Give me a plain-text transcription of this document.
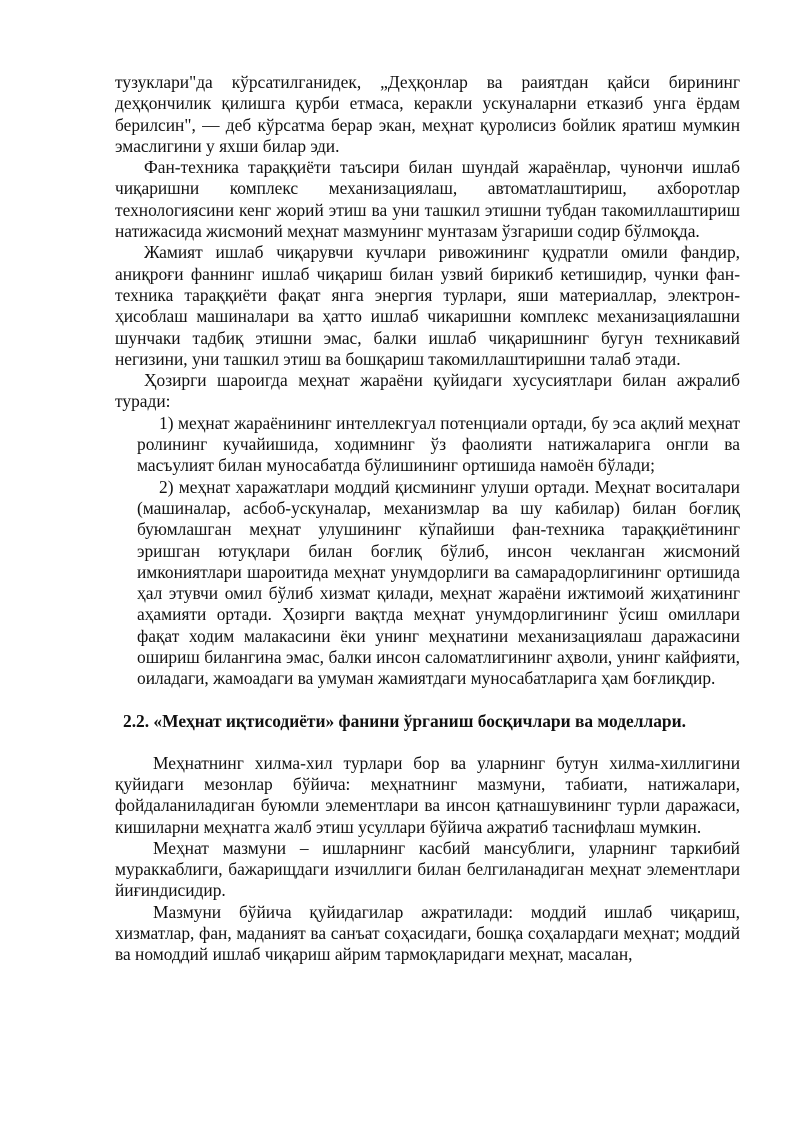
тузуклари"да кўрсатилганидек, „Деҳқонлар ва раиятдан қайси бирининг деҳқончилик қилишга қурби етмаса, керакли ускуналарни етказиб унга ёрдам берилсин", — деб кўрсатма берар экан, меҳнат қуролисиз бойлик яратиш мумкин эмаслигини у яхши билар эди.

Фан-техника тараққиёти таъсири билан шундай жараёнлар, чунончи ишлаб чиқаришни комплекс механизациялаш, автоматлаштириш, ахборотлар технологиясини кенг жорий этиш ва уни ташкил этишни тубдан такомиллаштириш натижасида жисмоний меҳнат мазмунинг мунтазам ўзгариши содир бўлмоқда.

Жамият ишлаб чиқарувчи кучлари ривожининг қудратли омили фандир, аниқроғи фаннинг ишлаб чиқариш билан узвий бирикиб кетишидир, чунки фан-техника тараққиёти фақат янга энергия турлари, яши материаллар, электрон-ҳисоблаш машиналари ва ҳатто ишлаб чикаришни комплекс механизациялашни шунчаки тадбиқ этишни эмас, балки ишлаб чиқаришнинг бугун техникавий негизини, уни ташкил этиш ва бошқариш такомиллаштиришни талаб этади.

Ҳозирги шароигда меҳнат жараёни қуйидаги хусусиятлари билан ажралиб туради:

1) меҳнат жараёнининг интеллекгуал потенциали ортади, бу эса ақлий меҳнат ролининг кучайишида, ходимнинг ўз фаолияти натижаларига онгли ва масъулият билан муносабатда бўлишининг ортишида намоён бўлади;

2) меҳнат харажатлари моддий қисмининг улуши ортади. Меҳнат воситалари (машиналар, асбоб-ускуналар, механизмлар ва шу кабилар) билан боғлиқ буюмлашган меҳнат улушининг кўпайиши фан-техника тараққиётининг эришган ютуқлари билан боғлиқ бўлиб, инсон чекланган жисмоний имкониятлари шароитида меҳнат унумдорлиги ва самарадорлигининг ортишида ҳал этувчи омил бўлиб хизмат қилади, меҳнат жараёни ижтимоий жиҳатининг аҳамияти ортади. Ҳозирги вақтда меҳнат унумдорлигининг ўсиш омиллари фақат ходим малакасини ёки унинг меҳнатини механизациялаш даражасини ошириш билангина эмас, балки инсон саломатлигининг аҳволи, унинг кайфияти, оиладаги, жамоадаги ва умуман жамиятдаги муносабатларига ҳам боғлиқдир.

2.2. «Меҳнат иқтисодиёти» фанини ўрганиш босқичлари ва моделлари.

Меҳнатнинг хилма-хил турлари бор ва уларнинг бутун хилма-хиллигини қуйидаги мезонлар бўйича: меҳнатнинг мазмуни, табиати, натижалари, фойдаланиладиган буюмли элементлари ва инсон қатнашувининг турли даражаси, кишиларни меҳнатга жалб этиш усуллари бўйича ажратиб таснифлаш мумкин.

Меҳнат мазмуни – ишларнинг касбий мансублиги, уларнинг таркибий мураккаблиги, бажарищдаги изчиллиги билан белгиланадиган меҳнат элементлари йиғиндисидир.

Мазмуни бўйича қуйидагилар ажратилади: моддий ишлаб чиқариш, хизматлар, фан, маданият ва санъат соҳасидаги, бошқа соҳалардаги меҳнат; моддий ва номоддий ишлаб чиқариш айрим тармоқларидаги меҳнат, масалан,
